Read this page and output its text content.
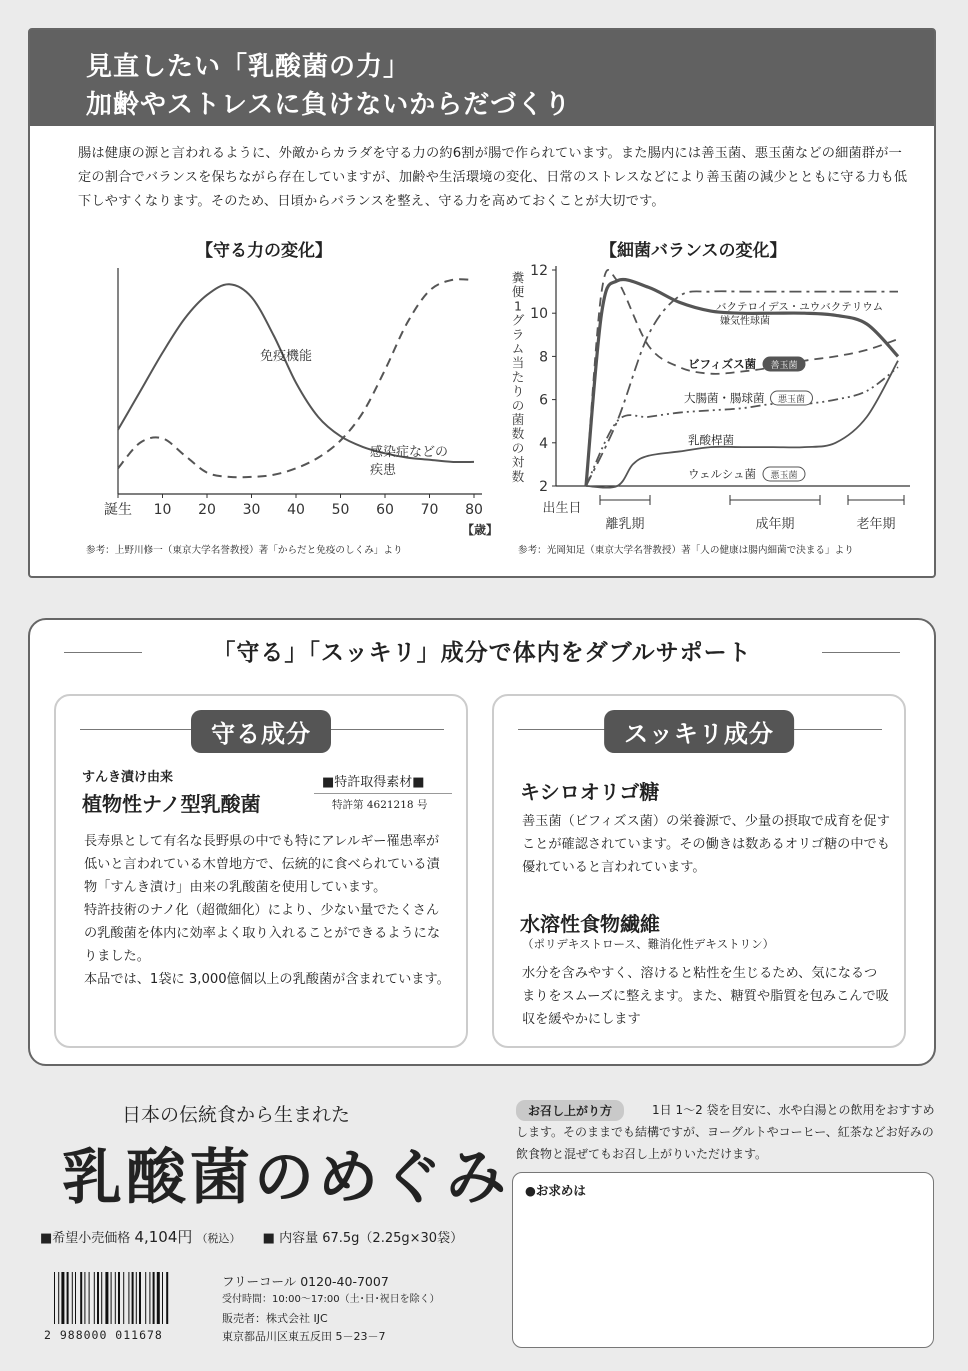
見直したい「乳酸菌の力」
加齢やストレスに負けないからだづくり

腸は健康の源と言われるように、外敵からカラダを守る力の約6割が腸で作られています。また腸内には善玉菌、悪玉菌などの細菌群が一定の割合でバランスを保ちながら存在していますが、加齢や生活環境の変化、日常のストレスなどにより善玉菌の減少とともに守る力も低下しやすくなります。そのため、日頃からバランスを整え、守る力を高めておくことが大切です。

【守る力の変化】
誕生 10 20 30 40 50 60 70 80
【歳】
免疫機能
感染症などの
疾患
参考：上野川修一（東京大学名誉教授）著「からだと免疫のしくみ」より
【細菌バランスの変化】
12
10
8
6
4
2
糞
便
1
グ
ラ
ム
当
た
り
の
菌
数
の
対
数
出生日
離乳期	成年期	老年期
バクテロイデス・ユウバクテリウム
嫌気性球菌
ビフィズス菌 善玉菌
大腸菌・腸球菌 悪玉菌
乳酸桿菌
ウェルシュ菌 悪玉菌
参考：光岡知足（東京大学名誉教授）著「人の健康は腸内細菌で決まる」より
「守る」「スッキリ」成分で体内をダブルサポート
守る成分
すんき漬け由来
植物性ナノ型乳酸菌
■特許取得素材■
特許第 4621218 号

長寿県として有名な長野県の中でも特にアレルギー罹患率が低いと言われている木曽地方で、伝統的に食べられている漬物「すんき漬け」由来の乳酸菌を使用しています。

特許技術のナノ化（超微細化）により、少ない量でたくさんの乳酸菌を体内に効率よく取り入れることができるようになりました。

本品では、1袋に 3,000億個以上の乳酸菌が含まれています。

スッキリ成分
キシロオリゴ糖

善玉菌（ビフィズス菌）の栄養源で、少量の摂取で成育を促すことが確認されています。その働きは数あるオリゴ糖の中でも優れていると言われています。

水溶性食物繊維
（ポリデキストロース、難消化性デキストリン）

水分を含みやすく、溶けると粘性を生じるため、気になるつまりをスムーズに整えます。また、糖質や脂質を包みこんで吸収を緩やかにします

日本の伝統食から生まれた
乳酸菌のめぐみ
■希望小売価格 4,104円 （税込） ■ 内容量 67.5g（2.25g×30袋）
2 988000 011678
フリーコール 0120-40-7007
受付時間：10:00～17:00（土･日･祝日を除く）
販売者：株式会社 IJC
東京都品川区東五反田 5－23－7
お召し上がり方	1日 1～2 袋を目安に、水や白湯との飲用をおすすめします。そのままでも結構ですが、ヨーグルトやコーヒー、紅茶などお好みの飲食物と混ぜてもお召し上がりいただけます。

●お求めは
